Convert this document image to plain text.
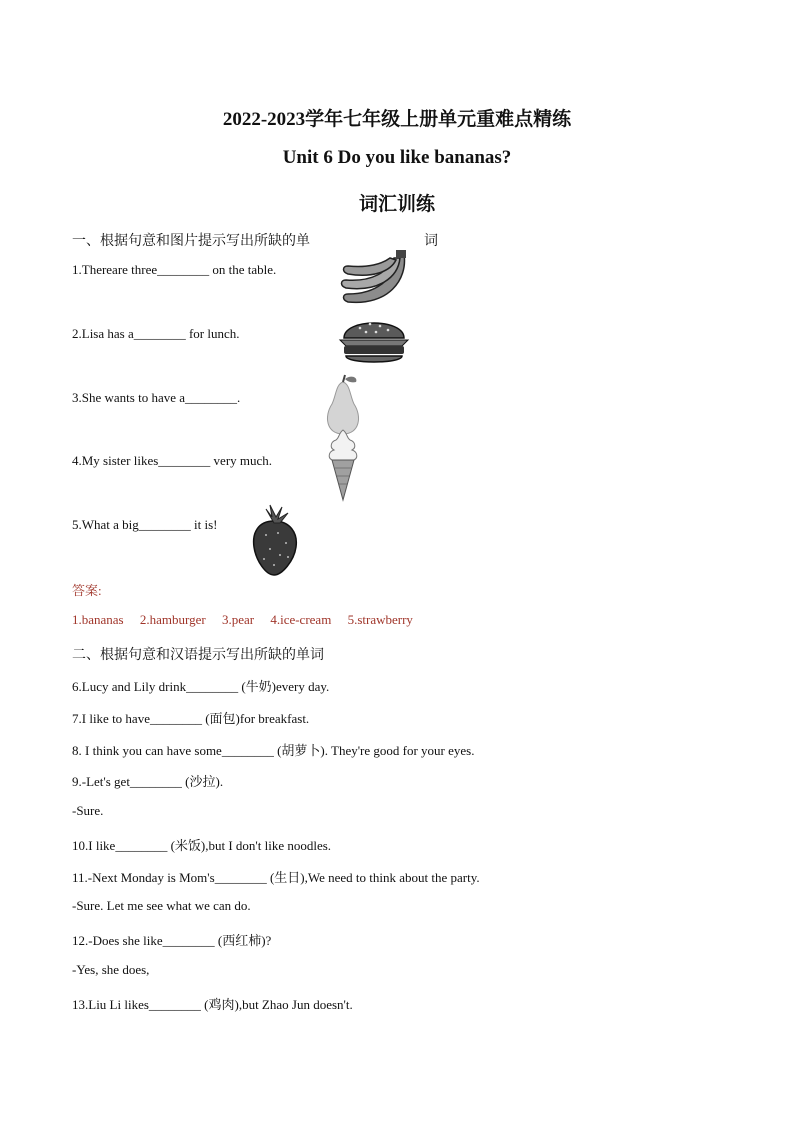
2022-2023学年七年级上册单元重难点精练
Unit 6 Do you like bananas?
词汇训练
一、根据句意和图片提示写出所缺的单	词
1.Thereare three________ on the table.
2.Lisa has a________ for lunch.
3.She wants to have a________.
4.My sister likes________ very much.
5.What a big________ it is!
答案:
1.bananas 2.hamburger 3.pear 4.ice-cream 5.strawberry
二、根据句意和汉语提示写出所缺的单词
6.Lucy and Lily drink________ (牛奶)every day.
7.I like to have________ (面包)for breakfast.
8. I think you can have some________ (胡萝卜). They're good for your eyes.
9.-Let's get________ (沙拉).
-Sure.
10.I like________ (米饭),but I don't like noodles.
11.-Next Monday is Mom's________ (生日),We need to think about the party.
-Sure. Let me see what we can do.
12.-Does she like________ (西红柿)?
-Yes, she does,
13.Liu Li likes________ (鸡肉),but Zhao Jun doesn't.
